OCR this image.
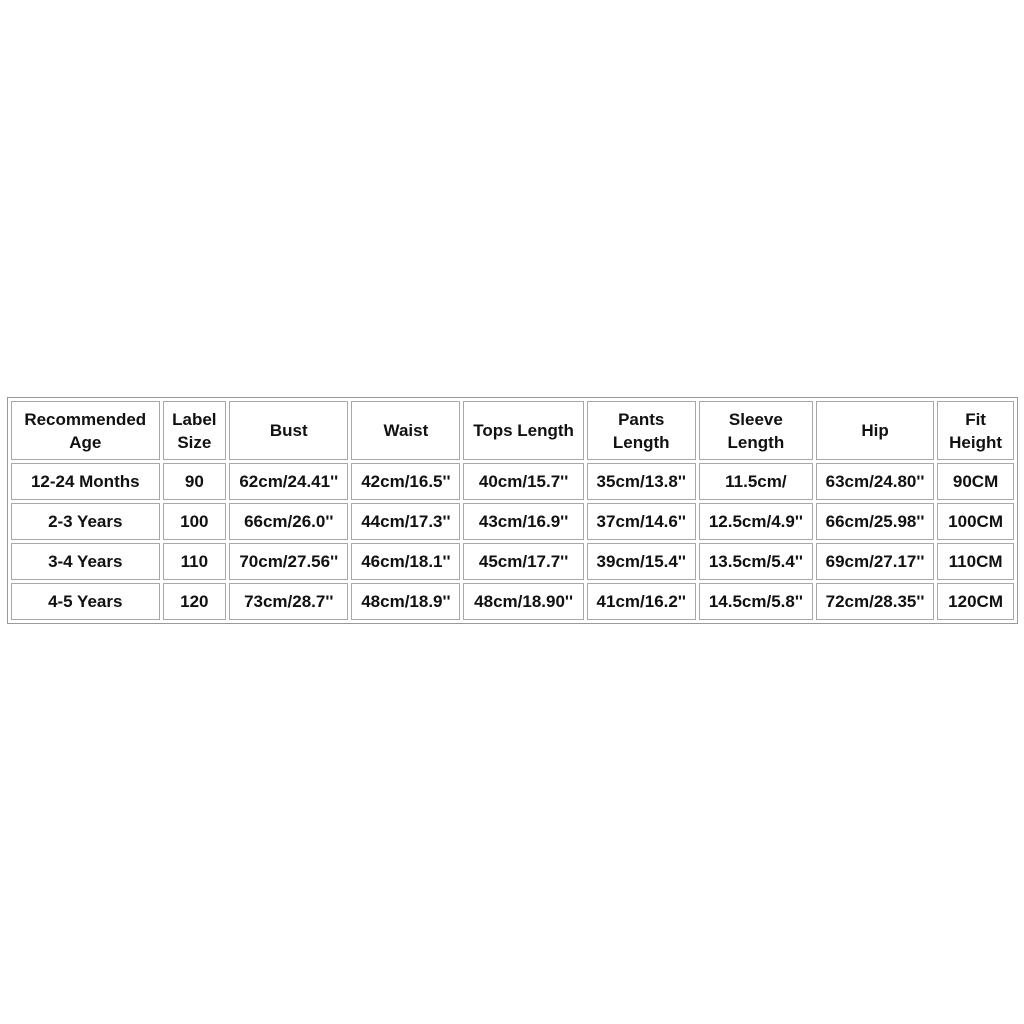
Recommended Age	Label Size	Bust	Waist	Tops Length	Pants Length	Sleeve Length	Hip	Fit Height
12-24 Months	90	62cm/24.41''	42cm/16.5''	40cm/15.7''	35cm/13.8''	11.5cm/	63cm/24.80''	90CM
2-3 Years	100	66cm/26.0''	44cm/17.3''	43cm/16.9''	37cm/14.6''	12.5cm/4.9''	66cm/25.98''	100CM
3-4 Years	110	70cm/27.56''	46cm/18.1''	45cm/17.7''	39cm/15.4''	13.5cm/5.4''	69cm/27.17''	110CM
4-5 Years	120	73cm/28.7''	48cm/18.9''	48cm/18.90''	41cm/16.2''	14.5cm/5.8''	72cm/28.35''	120CM
